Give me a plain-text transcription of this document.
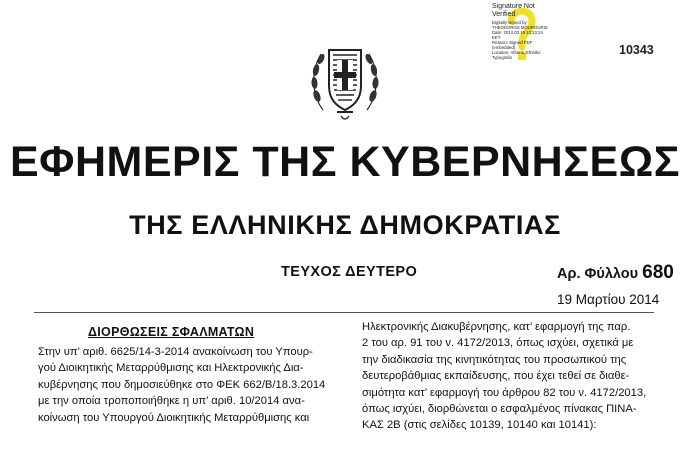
Signature Not
Verified
Digitally signed by
THEODOROS MOUROURIS
Date: 2014.03.19 13:23:24
EET
Reason: Signed PDF
(embedded)
Location: Athens, Ethniko
Typografio
10343
ΕΦΗΜΕΡΙΣ ΤΗΣ ΚΥΒΕΡΝΗΣΕΩΣ
ΤΗΣ ΕΛΛΗΝΙΚΗΣ ΔΗΜΟΚΡΑΤΙΑΣ
ΤΕΥΧΟΣ ΔΕΥΤΕΡΟ	Αρ. Φύλλου 680
19 Μαρτίου 2014
ΔΙΟΡΘΩΣΕΙΣ ΣΦΑΛΜΑΤΩΝ
Στην υπ’ αριθ. 6625/14-3-2014 ανακοίνωση του Υπουρ-
γού Διοικητικής Μεταρρύθμισης και Ηλεκτρονικής Δια-
κυβέρνησης που δημοσιεύθηκε στο ΦΕΚ 662/Β/18.3.2014
με την οποία τροποποιήθηκε η υπ’ αριθ. 10/2014 ανα-
κοίνωση του Υπουργού Διοικητικής Μεταρρύθμισης και
Ηλεκτρονικής Διακυβέρνησης, κατ’ εφαρμογή της παρ.
2 του αρ. 91 του ν. 4172/2013, όπως ισχύει, σχετικά με
την διαδικασία της κινητικότητας του προσωπικού της
δευτεροβάθμιας εκπαίδευσης, που έχει τεθεί σε διαθε-
σιμότητα κατ’ εφαρμογή του άρθρου 82 του ν. 4172/2013,
όπως ισχύει, διορθώνεται ο εσφαλμένος πίνακας ΠΙΝΑ-
ΚΑΣ 2Β (στις σελίδες 10139, 10140 και 10141):
